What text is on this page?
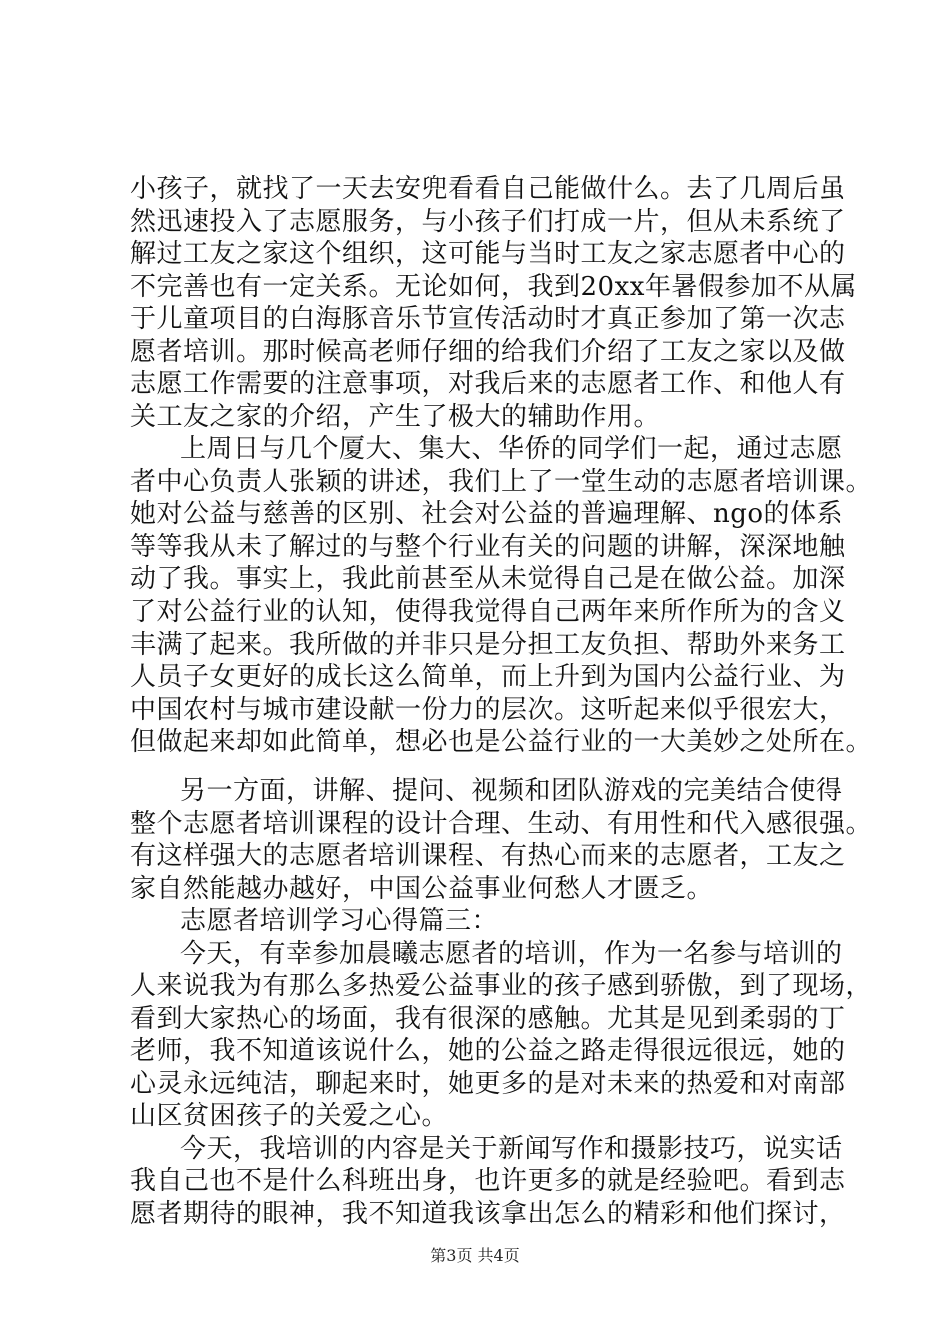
小孩子，就找了一天去安兜看看自己能做什么。去了几周后虽
然迅速投入了志愿服务，与小孩子们打成一片，但从未系统了
解过工友之家这个组织，这可能与当时工友之家志愿者中心的
不完善也有一定关系。无论如何，我到20xx年暑假参加不从属
于儿童项目的白海豚音乐节宣传活动时才真正参加了第一次志
愿者培训。那时候高老师仔细的给我们介绍了工友之家以及做
志愿工作需要的注意事项，对我后来的志愿者工作、和他人有
关工友之家的介绍，产生了极大的辅助作用。
上周日与几个厦大、集大、华侨的同学们一起，通过志愿
者中心负责人张颖的讲述，我们上了一堂生动的志愿者培训课。
她对公益与慈善的区别、社会对公益的普遍理解、ngo的体系
等等我从未了解过的与整个行业有关的问题的讲解，深深地触
动了我。事实上，我此前甚至从未觉得自己是在做公益。加深
了对公益行业的认知，使得我觉得自己两年来所作所为的含义
丰满了起来。我所做的并非只是分担工友负担、帮助外来务工
人员子女更好的成长这么简单，而上升到为国内公益行业、为
中国农村与城市建设献一份力的层次。这听起来似乎很宏大，
但做起来却如此简单，想必也是公益行业的一大美妙之处所在。
另一方面，讲解、提问、视频和团队游戏的完美结合使得
整个志愿者培训课程的设计合理、生动、有用性和代入感很强。
有这样强大的志愿者培训课程、有热心而来的志愿者，工友之
家自然能越办越好，中国公益事业何愁人才匮乏。
志愿者培训学习心得篇三：
今天，有幸参加晨曦志愿者的培训，作为一名参与培训的
人来说我为有那么多热爱公益事业的孩子感到骄傲，到了现场，
看到大家热心的场面，我有很深的感触。尤其是见到柔弱的丁
老师，我不知道该说什么，她的公益之路走得很远很远，她的
心灵永远纯洁，聊起来时，她更多的是对未来的热爱和对南部
山区贫困孩子的关爱之心。
今天，我培训的内容是关于新闻写作和摄影技巧，说实话
我自己也不是什么科班出身，也许更多的就是经验吧。看到志
愿者期待的眼神，我不知道我该拿出怎么的精彩和他们探讨，
第3页 共4页
